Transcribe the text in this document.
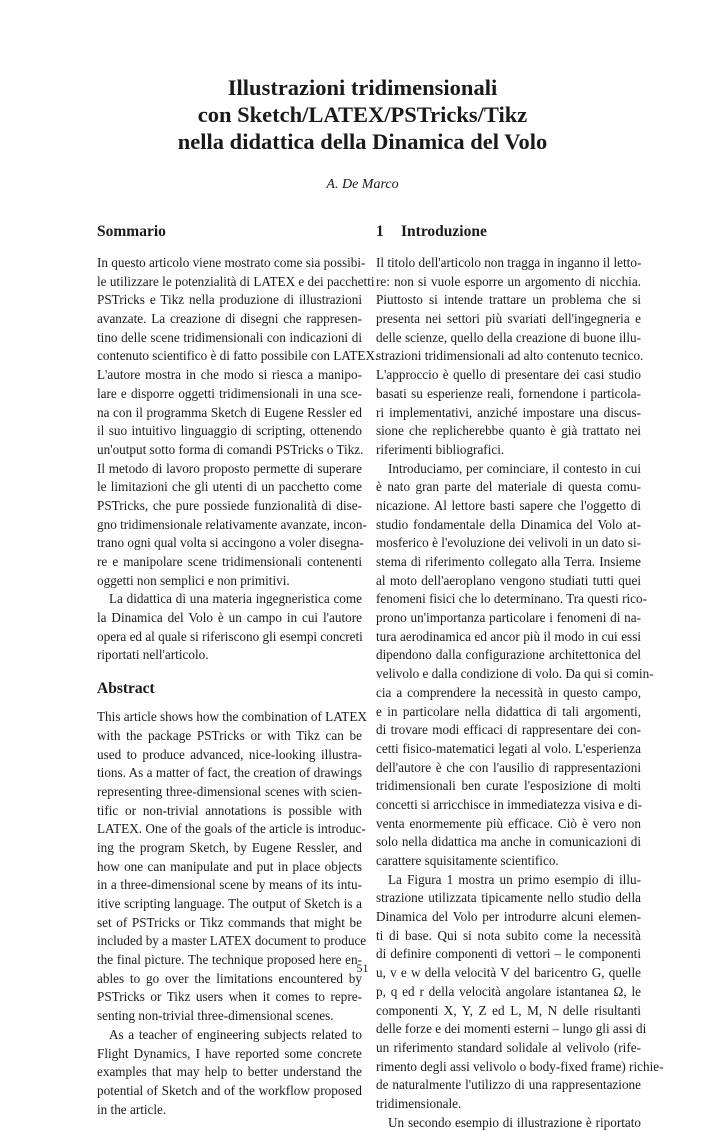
Illustrazioni tridimensionali
con Sketch/LATEX/PSTricks/Tikz
nella didattica della Dinamica del Volo
A. De Marco
Sommario
In questo articolo viene mostrato come sia possibi-
le utilizzare le potenzialità di LATEX e dei pacchetti
PSTricks e Tikz nella produzione di illustrazioni
avanzate. La creazione di disegni che rappresen-
tino delle scene tridimensionali con indicazioni di
contenuto scientifico è di fatto possibile con LATEX.
L'autore mostra in che modo si riesca a manipo-
lare e disporre oggetti tridimensionali in una sce-
na con il programma Sketch di Eugene Ressler ed
il suo intuitivo linguaggio di scripting, ottenendo
un'output sotto forma di comandi PSTricks o Tikz.
Il metodo di lavoro proposto permette di superare
le limitazioni che gli utenti di un pacchetto come
PSTricks, che pure possiede funzionalità di dise-
gno tridimensionale relativamente avanzate, incon-
trano ogni qual volta si accingono a voler disegna-
re e manipolare scene tridimensionali contenenti
oggetti non semplici e non primitivi.
La didattica di una materia ingegneristica come
la Dinamica del Volo è un campo in cui l'autore
opera ed al quale si riferiscono gli esempi concreti
riportati nell'articolo.
Abstract
This article shows how the combination of LATEX
with the package PSTricks or with Tikz can be
used to produce advanced, nice-looking illustra-
tions. As a matter of fact, the creation of drawings
representing three-dimensional scenes with scien-
tific or non-trivial annotations is possible with
LATEX. One of the goals of the article is introduc-
ing the program Sketch, by Eugene Ressler, and
how one can manipulate and put in place objects
in a three-dimensional scene by means of its intu-
itive scripting language. The output of Sketch is a
set of PSTricks or Tikz commands that might be
included by a master LATEX document to produce
the final picture. The technique proposed here en-
ables to go over the limitations encountered by
PSTricks or Tikz users when it comes to repre-
senting non-trivial three-dimensional scenes.
As a teacher of engineering subjects related to
Flight Dynamics, I have reported some concrete
examples that may help to better understand the
potential of Sketch and of the workflow proposed
in the article.
1 Introduzione
Il titolo dell'articolo non tragga in inganno il letto-
re: non si vuole esporre un argomento di nicchia.
Piuttosto si intende trattare un problema che si
presenta nei settori più svariati dell'ingegneria e
delle scienze, quello della creazione di buone illu-
strazioni tridimensionali ad alto contenuto tecnico.
L'approccio è quello di presentare dei casi studio
basati su esperienze reali, fornendone i particola-
ri implementativi, anziché impostare una discus-
sione che replicherebbe quanto è già trattato nei
riferimenti bibliografici.
Introduciamo, per cominciare, il contesto in cui
è nato gran parte del materiale di questa comu-
nicazione. Al lettore basti sapere che l'oggetto di
studio fondamentale della Dinamica del Volo at-
mosferico è l'evoluzione dei velivoli in un dato si-
stema di riferimento collegato alla Terra. Insieme
al moto dell'aeroplano vengono studiati tutti quei
fenomeni fisici che lo determinano. Tra questi rico-
prono un'importanza particolare i fenomeni di na-
tura aerodinamica ed ancor più il modo in cui essi
dipendono dalla configurazione architettonica del
velivolo e dalla condizione di volo. Da qui si comin-
cia a comprendere la necessità in questo campo,
e in particolare nella didattica di tali argomenti,
di trovare modi efficaci di rappresentare dei con-
cetti fisico-matematici legati al volo. L'esperienza
dell'autore è che con l'ausilio di rappresentazioni
tridimensionali ben curate l'esposizione di molti
concetti si arricchisce in immediatezza visiva e di-
venta enormemente più efficace. Ciò è vero non
solo nella didattica ma anche in comunicazioni di
carattere squisitamente scientifico.
La Figura 1 mostra un primo esempio di illu-
strazione utilizzata tipicamente nello studio della
Dinamica del Volo per introdurre alcuni elemen-
ti di base. Qui si nota subito come la necessità
di definire componenti di vettori – le componenti
u, v e w della velocità V del baricentro G, quelle
p, q ed r della velocità angolare istantanea Ω, le
componenti X, Y, Z ed L, M, N delle risultanti
delle forze e dei momenti esterni – lungo gli assi di
un riferimento standard solidale al velivolo (rife-
rimento degli assi velivolo o body-fixed frame) richie-
de naturalmente l'utilizzo di una rappresentazione
tridimensionale.
Un secondo esempio di illustrazione è riportato
51
